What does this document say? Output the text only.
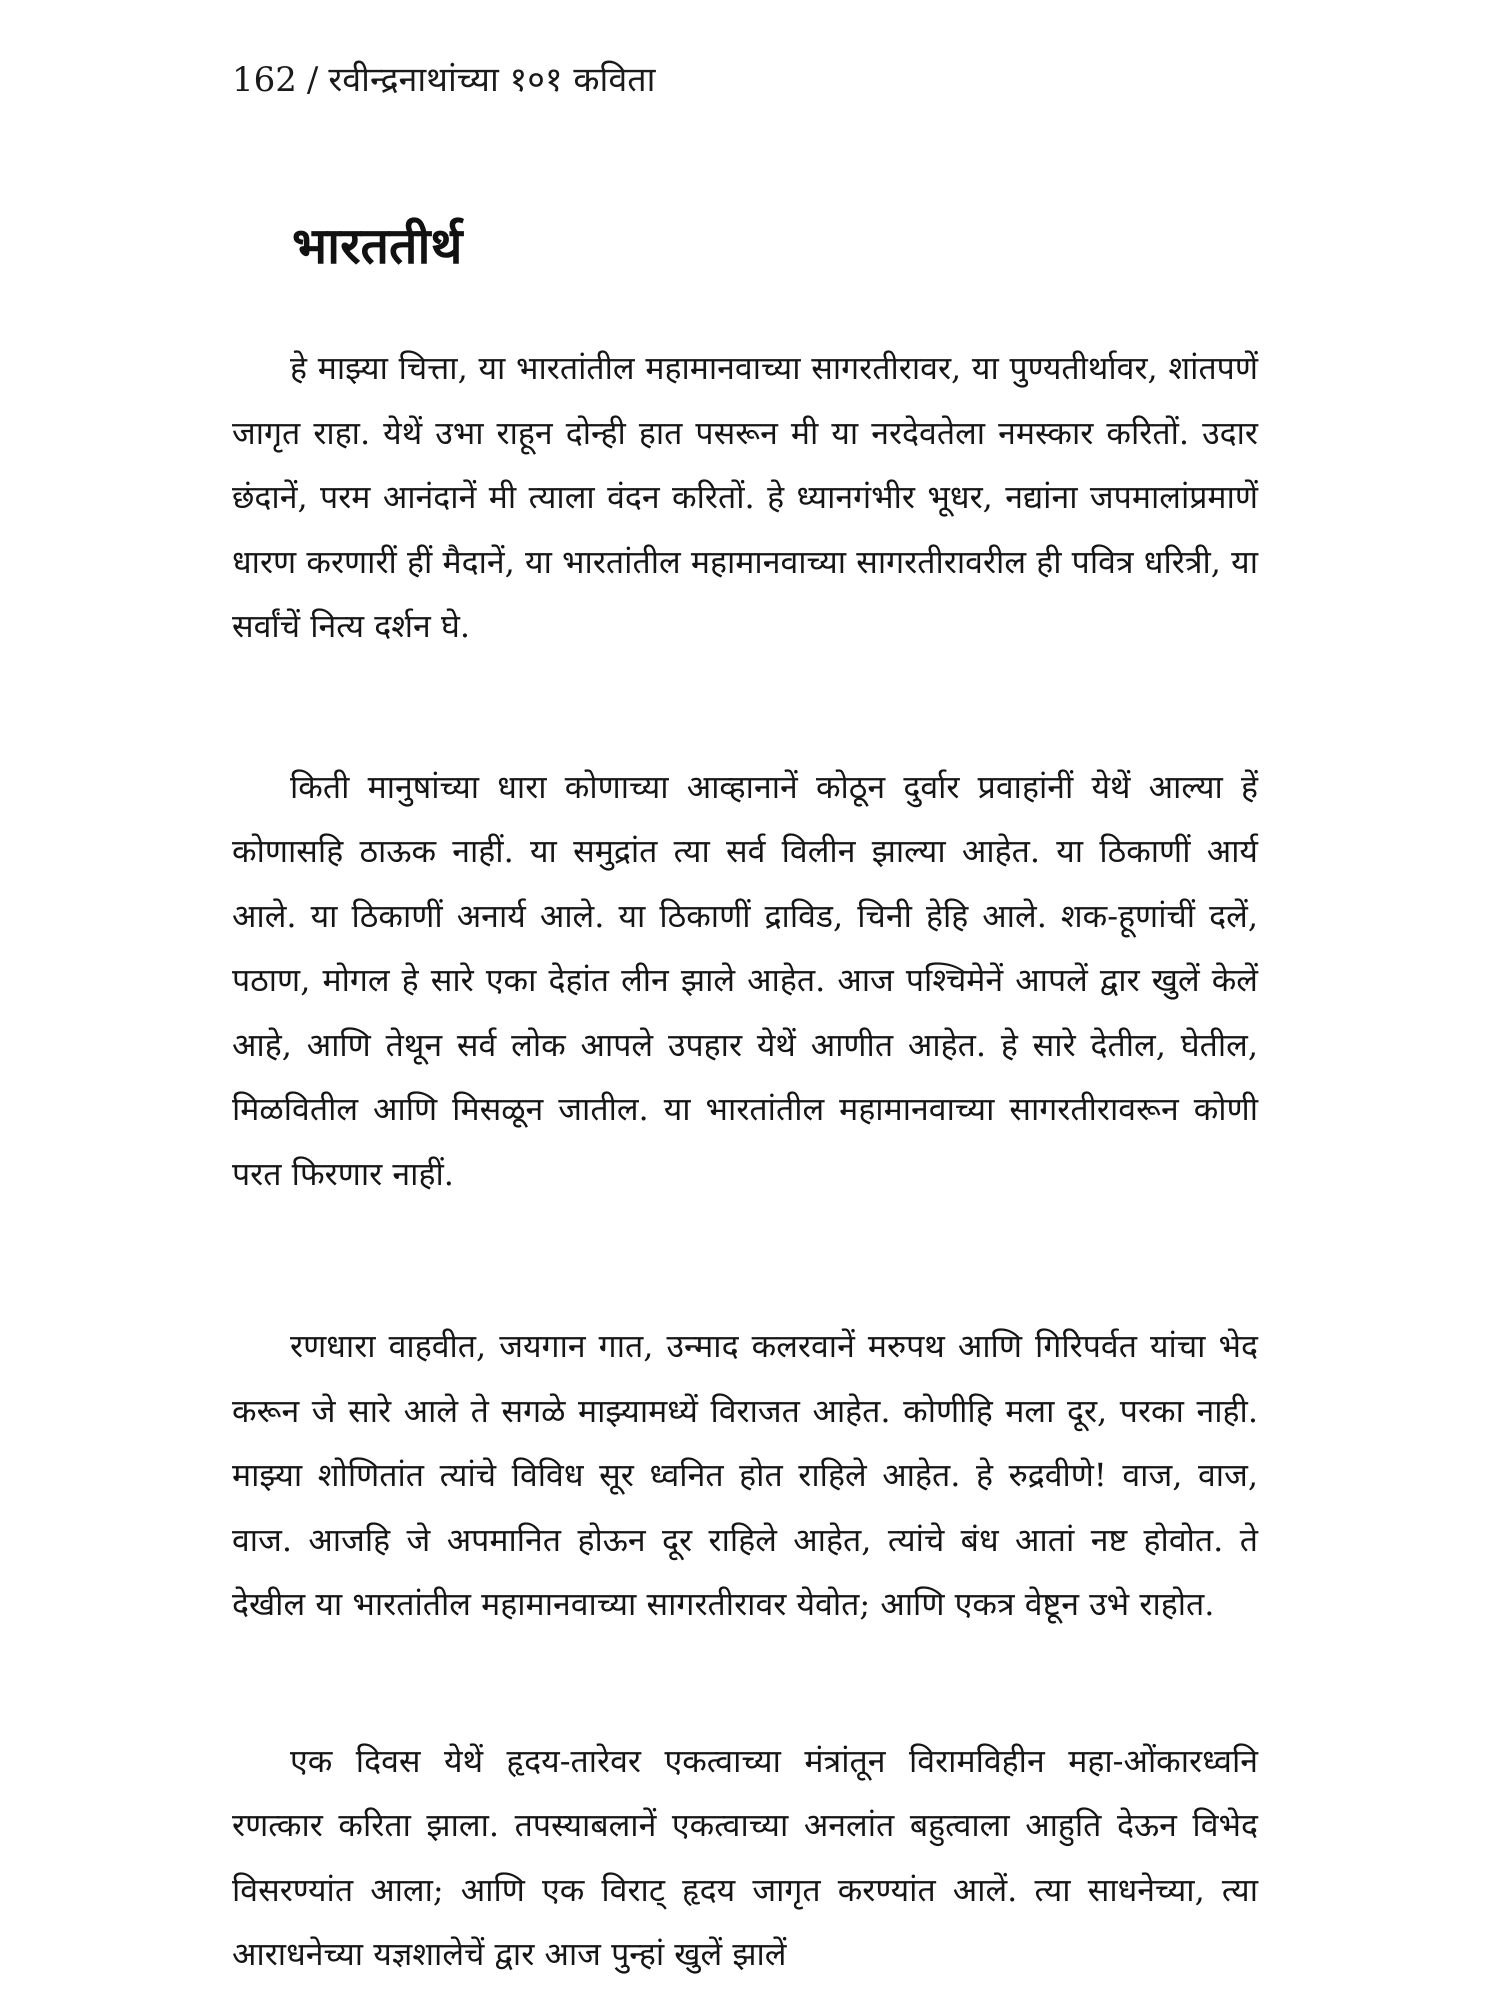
162 / रवीन्द्रनाथांच्या १०१ कविता
भारततीर्थ

हे माझ्या चित्ता, या भारतांतील महामानवाच्या सागरतीरावर, या पुण्यतीर्थावर, शांतपणें जागृत राहा. येथें उभा राहून दोन्ही हात पसरून मी या नरदेवतेला नमस्कार करितों. उदार छंदानें, परम आनंदानें मी त्याला वंदन करितों. हे ध्यानगंभीर भूधर, नद्यांना जपमालांप्रमाणें धारण करणारीं हीं मैदानें, या भारतांतील महामानवाच्या सागरतीरावरील ही पवित्र धरित्री, या सर्वांचें नित्य दर्शन घे.

किती मानुषांच्या धारा कोणाच्या आव्हानानें कोठून दुर्वार प्रवाहांनीं येथें आल्या हें कोणासहि ठाऊक नाहीं. या समुद्रांत त्या सर्व विलीन झाल्या आहेत. या ठिकाणीं आर्य आले. या ठिकाणीं अनार्य आले. या ठिकाणीं द्राविड, चिनी हेहि आले. शक-हूणांचीं दलें, पठाण, मोगल हे सारे एका देहांत लीन झाले आहेत. आज पश्चिमेनें आपलें द्वार खुलें केलें आहे, आणि तेथून सर्व लोक आपले उपहार येथें आणीत आहेत. हे सारे देतील, घेतील, मिळवितील आणि मिसळून जातील. या भारतांतील महामानवाच्या सागरतीरावरून कोणी परत फिरणार नाहीं.

रणधारा वाहवीत, जयगान गात, उन्माद कलरवानें मरुपथ आणि गिरिपर्वत यांचा भेद करून जे सारे आले ते सगळे माझ्यामध्यें विराजत आहेत. कोणीहि मला दूर, परका नाही. माझ्या शोणितांत त्यांचे विविध सूर ध्वनित होत राहिले आहेत. हे रुद्रवीणे! वाज, वाज, वाज. आजहि जे अपमानित होऊन दूर राहिले आहेत, त्यांचे बंध आतां नष्ट होवोत. ते देखील या भारतांतील महामानवाच्या सागरतीरावर येवोत; आणि एकत्र वेष्टून उभे राहोत.

एक दिवस येथें हृदय-तारेवर एकत्वाच्या मंत्रांतून विरामविहीन महा-ओंकारध्वनि रणत्कार करिता झाला. तपस्याबलानें एकत्वाच्या अनलांत बहुत्वाला आहुति देऊन विभेद विसरण्यांत आला; आणि एक विराट् हृदय जागृत करण्यांत आलें. त्या साधनेच्या, त्या आराधनेच्या यज्ञशालेचें द्वार आज पुन्हां खुलें झालें
